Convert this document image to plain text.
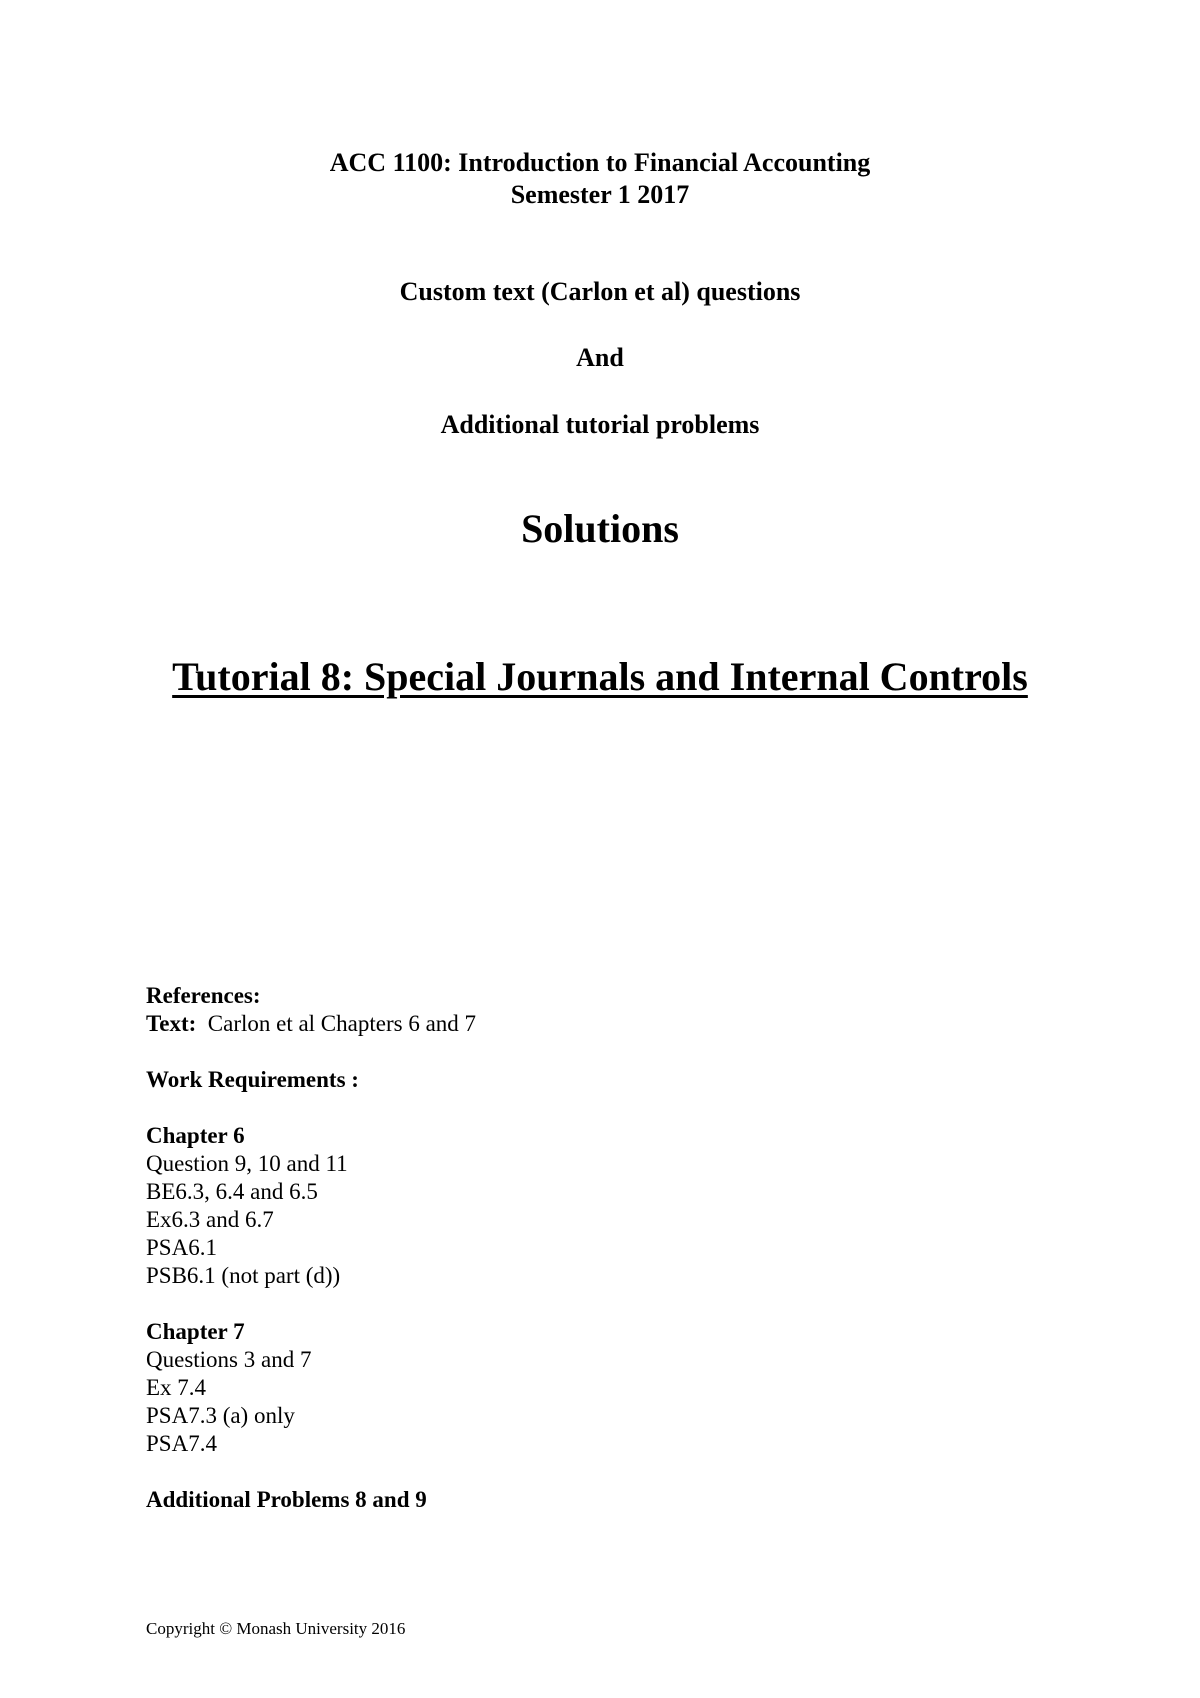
ACC 1100: Introduction to Financial Accounting
Semester 1 2017
Custom text (Carlon et al) questions
And
Additional tutorial problems
Solutions
Tutorial 8: Special Journals and Internal Controls
References:
Text: Carlon et al Chapters 6 and 7
Work Requirements :
Chapter 6
Question 9, 10 and 11
BE6.3, 6.4 and 6.5
Ex6.3 and 6.7
PSA6.1
PSB6.1 (not part (d))
Chapter 7
Questions 3 and 7
Ex 7.4
PSA7.3 (a) only
PSA7.4
Additional Problems 8 and 9
Copyright © Monash University 2016
